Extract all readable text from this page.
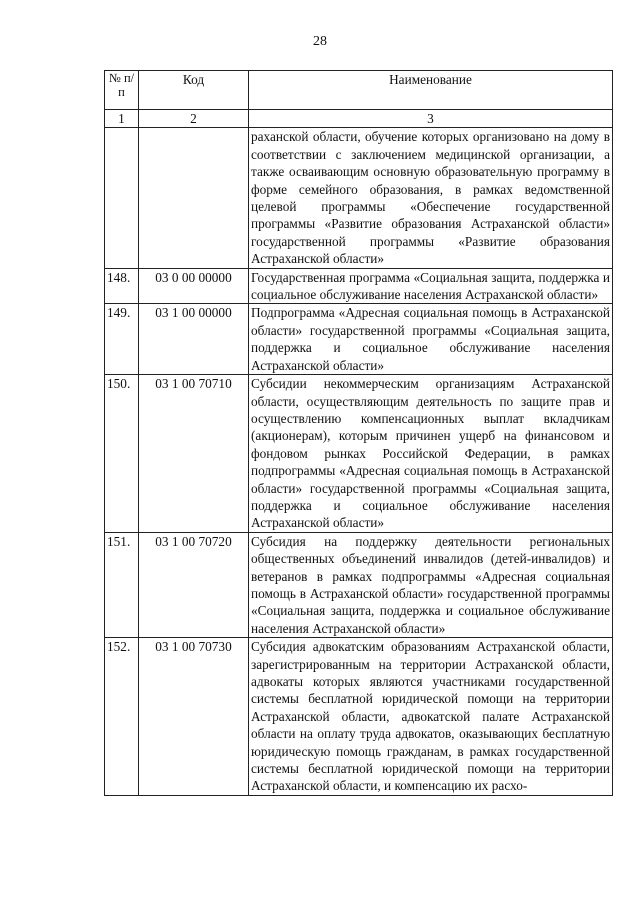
28
№ п/п	Код	Наименование
1	2	3
		раханской области, обучение которых организовано на дому в соответствии с заключением медицинской организации, а также осваивающим основную образовательную программу в форме семейного образования, в рамках ведомственной целевой программы «Обеспечение государственной программы «Развитие образования Астраханской области» государственной программы «Развитие образования Астраханской области»
148.	03 0 00 00000	Государственная программа «Социальная защита, поддержка и социальное обслуживание населения Астраханской области»
149.	03 1 00 00000	Подпрограмма «Адресная социальная помощь в Астраханской области» государственной программы «Социальная защита, поддержка и социальное обслуживание населения Астраханской области»
150.	03 1 00 70710	Субсидии некоммерческим организациям Астраханской области, осуществляющим деятельность по защите прав и осуществлению компенсационных выплат вкладчикам (акционерам), которым причинен ущерб на финансовом и фондовом рынках Российской Федерации, в рамках подпрограммы «Адресная социальная помощь в Астраханской области» государственной программы «Социальная защита, поддержка и социальное обслуживание населения Астраханской области»
151.	03 1 00 70720	Субсидия на поддержку деятельности региональных общественных объединений инвалидов (детей-инвалидов) и ветеранов в рамках подпрограммы «Адресная социальная помощь в Астраханской области» государственной программы «Социальная защита, поддержка и социальное обслуживание населения Астраханской области»
152.	03 1 00 70730	Субсидия адвокатским образованиям Астраханской области, зарегистрированным на территории Астраханской области, адвокаты которых являются участниками государственной системы бесплатной юридической помощи на территории Астраханской области, адвокатской палате Астраханской области на оплату труда адвокатов, оказывающих бесплатную юридическую помощь гражданам, в рамках государственной системы бесплатной юридической помощи на территории Астраханской области, и компенсацию их расхо-
